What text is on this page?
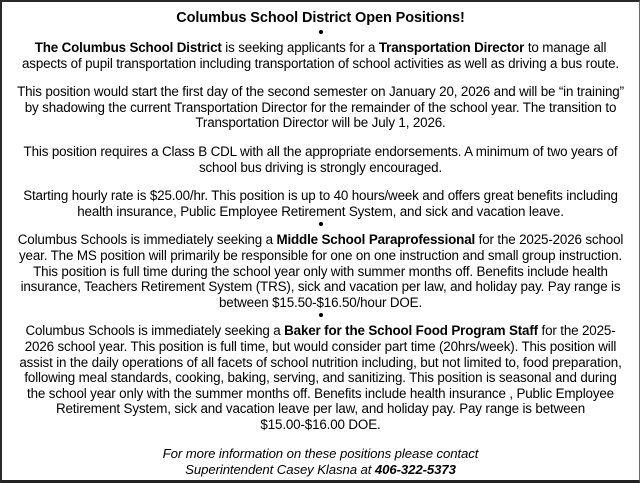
Columbus School District Open Positions!

The Columbus School District is seeking applicants for a Transportation Director to manage all aspects of pupil transportation including transportation of school activities as well as driving a bus route.

This position would start the first day of the second semester on January 20, 2026 and will be “in training” by shadowing the current Transportation Director for the remainder of the school year. The transition to Transportation Director will be July 1, 2026.

This position requires a Class B CDL with all the appropriate endorsements. A minimum of two years of school bus driving is strongly encouraged.

Starting hourly rate is $25.00/hr. This position is up to 40 hours/week and offers great benefits including health insurance, Public Employee Retirement System, and sick and vacation leave.

Columbus Schools is immediately seeking a Middle School Paraprofessional for the 2025-2026 school year. The MS position will primarily be responsible for one on one instruction and small group instruction. This position is full time during the school year only with summer months off. Benefits include health insurance, Teachers Retirement System (TRS), sick and vacation per law, and holiday pay. Pay range is between $15.50-$16.50/hour DOE.

Columbus Schools is immediately seeking a Baker for the School Food Program Staff for the 2025-2026 school year. This position is full time, but would consider part time (20hrs/week). This position will assist in the daily operations of all facets of school nutrition including, but not limited to, food preparation, following meal standards, cooking, baking, serving, and sanitizing. This position is seasonal and during the school year only with the summer months off. Benefits include health insurance , Public Employee Retirement System, sick and vacation leave per law, and holiday pay. Pay range is between $15.00-$16.00 DOE.

For more information on these positions please contact
Superintendent Casey Klasna at 406-322-5373
